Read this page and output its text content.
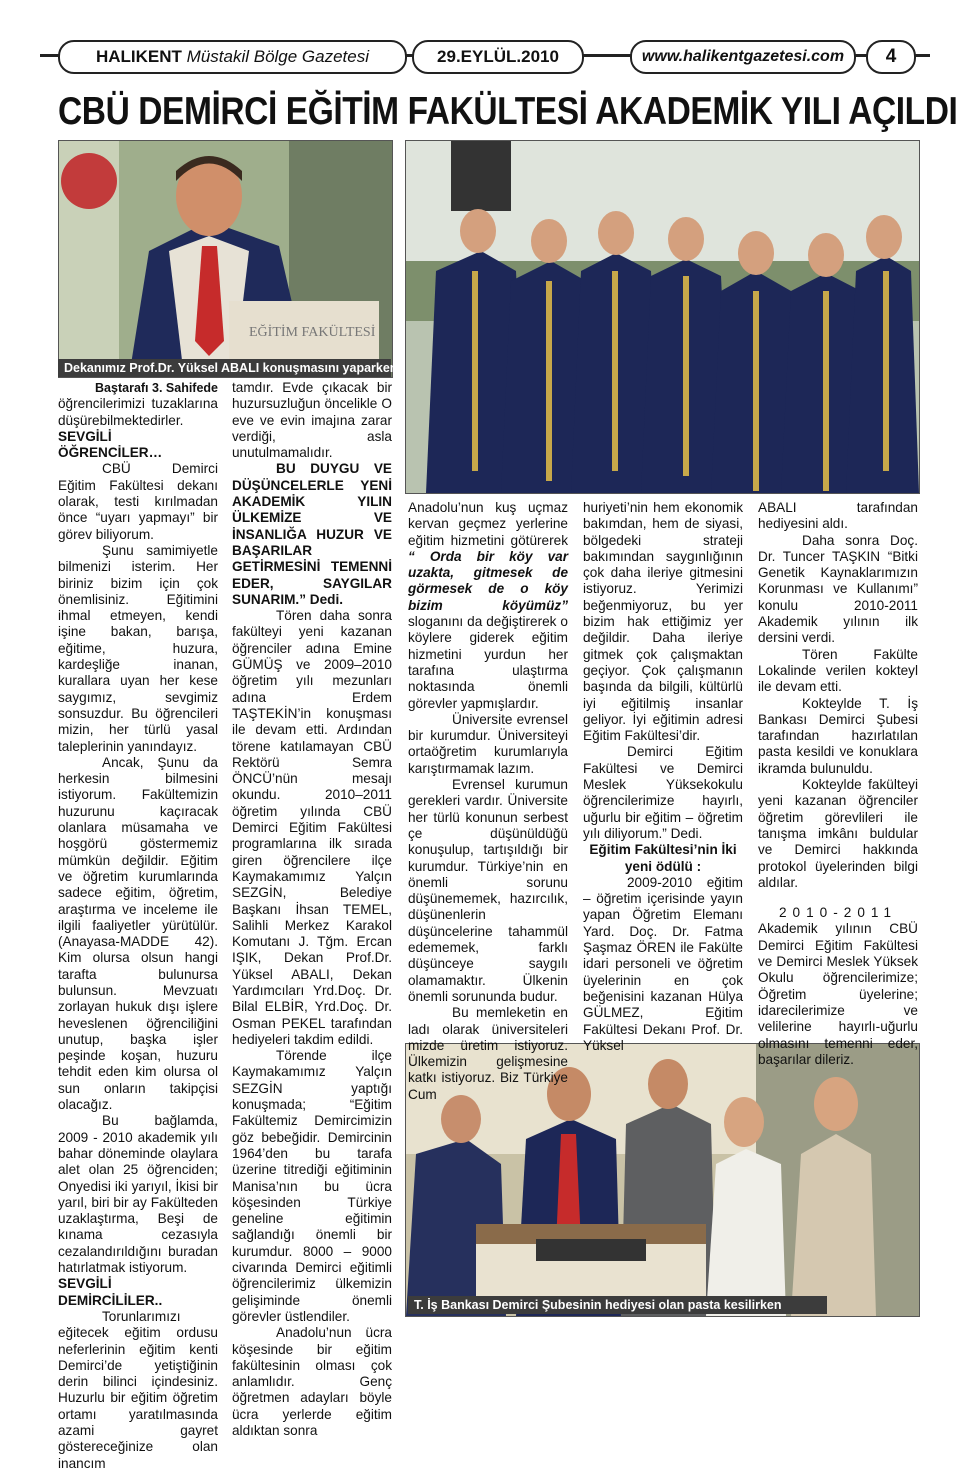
HALIKENT
Müstakil Bölge Gazetesi	29.EYLÜL.2010	www.halikentgazetesi.com	4
CBÜ DEMİRCİ EĞİTİM FAKÜLTESİ AKADEMİK YILI AÇILDI
EĞİTİM FAKÜLTESİ
Dekanımız Prof.Dr. Yüksel ABALI konuşmasını yaparken
T. İş Bankası Demirci Şubesinin hediyesi olan pasta kesilirken

Baştarafı 3. Sahifede

öğrencilerimizi tuzaklarına düşürebilmektedirler.

SEVGİLİ ÖĞRENCİLER…

CBÜ Demirci Eğitim Fakültesi dekanı olarak, testi kırılmadan önce “uyarı yapmayı” bir görev biliyorum.

Şunu samimiyetle bilmenizi isterim. Her biriniz bizim için çok önemlisiniz. Eğitimini ihmal etmeyen, kendi işine bakan, barışa, eğitime, huzura, kardeşliğe inanan, kurallara uyan her kese saygımız, sevgimiz sonsuzdur. Bu öğrencileri mizin, her türlü yasal taleplerinin yanındayız.

Ancak, Şunu da herkesin bilmesini istiyorum. Fakültemizin huzurunu kaçıracak olanlara müsamaha ve hoşgörü göstermemiz mümkün değildir. Eğitim ve öğretim kurumlarında sadece eğitim, öğretim, araştırma ve inceleme ile ilgili faaliyetler yürütülür. (Anayasa-MADDE 42). Kim olursa olsun hangi tarafta bulunursa bulunsun. Mevzuatı zorlayan hukuk dışı işlere heveslenen öğrenciliğini unutup, başka işler peşinde koşan, huzuru tehdit eden kim olursa ol sun onların takipçisi olacağız.

Bu bağlamda, 2009 - 2010 akademik yılı bahar döneminde olaylara alet olan 25 öğrenciden; Onyedisi iki yarıyıl, İkisi bir yarıl, biri bir ay Fakülteden uzaklaştırma, Beşi de kınama cezasıyla cezalandırıldığını buradan hatırlatmak istiyorum.

SEVGİLİ DEMİRCİLİLER..

Torunlarımızı eğitecek eğitim ordusu neferlerinin eğitim kenti Demirci’de yetiştiğinin derin bilinci içindesiniz. Huzurlu bir eğitim öğretim ortamı yaratılmasında azami gayret göstereceğinize olan inancım

tamdır. Evde çıkacak bir huzursuzluğun öncelikle O eve ve evin imajına zarar verdiği, asla unutulmamalıdır.

BU DUYGU VE DÜŞÜNCELERLE YENİ AKADEMİK YILIN ÜLKEMİZE VE İNSANLIĞA HUZUR VE BAŞARILAR GETİRMESİNİ TEMENNİ EDER, SAYGILAR SUNARIM.” Dedi.

Tören daha sonra fakülteyi yeni kazanan öğrenciler adına Emine GÜMÜŞ ve 2009–2010 öğretim yılı mezunları adına Erdem TAŞTEKİN’in konuşması ile devam etti. Ardından törene katılamayan CBÜ Rektörü Semra ÖNCÜ’nün mesajı okundu. 2010–2011 öğretim yılında CBÜ Demirci Eğitim Fakültesi programlarına ilk sırada giren öğrencilere ilçe Kaymakamımız Yalçın SEZGİN, Belediye Başkanı İhsan TEMEL, Salihli Merkez Karakol Komutanı J. Tğm. Ercan IŞIK, Dekan Prof.Dr. Yüksel ABALI, Dekan Yardımcıları Yrd.Doç. Dr. Bilal ELBİR, Yrd.Doç. Dr. Osman PEKEL tarafından hediyeleri takdim edildi.

Törende ilçe Kaymakamımız Yalçın SEZGİN yaptığı konuşmada; “Eğitim Fakültemiz Demircimizin göz bebeğidir. Demircinin 1964’den bu tarafa üzerine titrediği eğitiminin Manisa’nın bu ücra köşesinden Türkiye geneline eğitimin sağlandığı önemli bir kurumdur. 8000 – 9000 civarında Demirci eğitimli öğrencilerimiz ülkemizin gelişiminde önemli görevler üstlendiler.

Anadolu’nun ücra köşesinde bir eğitim fakültesinin olması çok anlamlıdır. Genç öğretmen adayları böyle ücra yerlerde eğitim aldıktan sonra

Anadolu’nun kuş uçmaz kervan geçmez yerlerine eğitim hizmetini götürerek “ Orda bir köy var uzakta, gitmesek de görmesek de o köy bizim köyümüz” sloganını da değiştirerek o köylere giderek eğitim hizmetini yurdun her tarafına ulaştırma noktasında önemli görevler yapmışlardır.

Üniversite evrensel bir kurumdur. Üniversiteyi ortaöğretim kurumlarıyla karıştırmamak lazım.

Evrensel kurumun gerekleri vardır. Üniversite her türlü konunun serbest çe düşünüldüğü konuşulup, tartışıldığı bir kurumdur. Türkiye’nin en önemli sorunu düşünememek, hazırcılık, düşünenlerin düşüncelerine tahammül edememek, farklı düşünceye saygılı olamamaktır. Ülkenin önemli sorununda budur.

Bu memleketin en ladı olarak üniversiteleri mizde üretim istiyoruz. Ülkemizin gelişmesine katkı istiyoruz. Biz Türkiye Cum

huriyeti’nin hem ekonomik bakımdan, hem de siyasi, bölgedeki strateji bakımından saygınlığının çok daha ileriye gitmesini istiyoruz. Yerimizi beğenmiyoruz, bu yer bizim hak ettiğimiz yer değildir. Daha ileriye gitmek çok çalışmaktan geçiyor. Çok çalışmanın başında da bilgili, kültürlü iyi eğitilmiş insanlar geliyor. İyi eğitimin adresi Eğitim Fakültesi’dir.

Demirci Eğitim Fakültesi ve Demirci Meslek Yüksekokulu öğrencilerimize hayırlı, uğurlu bir eğitim – öğretim yılı diliyorum.” Dedi.

Eğitim Fakültesi’nin İki yeni ödülü :

2009-2010 eğitim – öğretim içerisinde yayın yapan Öğretim Elemanı Yard. Doç. Dr. Fatma Şaşmaz ÖREN ile Fakülte idari personeli ve öğretim üyelerinin en çok beğenisini kazanan Hülya GÜLMEZ, Eğitim Fakültesi Dekanı Prof. Dr. Yüksel

ABALI tarafından hediyesini aldı.

Daha sonra Doç. Dr. Tuncer TAŞKIN “Bitki Genetik Kaynaklarımızın Korunması ve Kullanımı” konulu 2010-2011 Akademik yılının ilk dersini verdi.

Tören Fakülte Lokalinde verilen kokteyl ile devam etti.

Kokteylde T. İş Bankası Demirci Şubesi tarafından hazırlatılan pasta kesildi ve konuklara ikramda bulunuldu.

Kokteylde fakülteyi yeni kazanan öğrenciler öğretim görevlileri ile tanışma imkânı buldular ve Demirci hakkında protokol üyelerinden bilgi aldılar.

2010-2011

Akademik yılının CBÜ Demirci Eğitim Fakültesi ve Demirci Meslek Yüksek Okulu öğrencilerimize; Öğretim üyelerine; idarecilerimize ve velilerine hayırlı-uğurlu olmasını temenni eder, başarılar dileriz.
